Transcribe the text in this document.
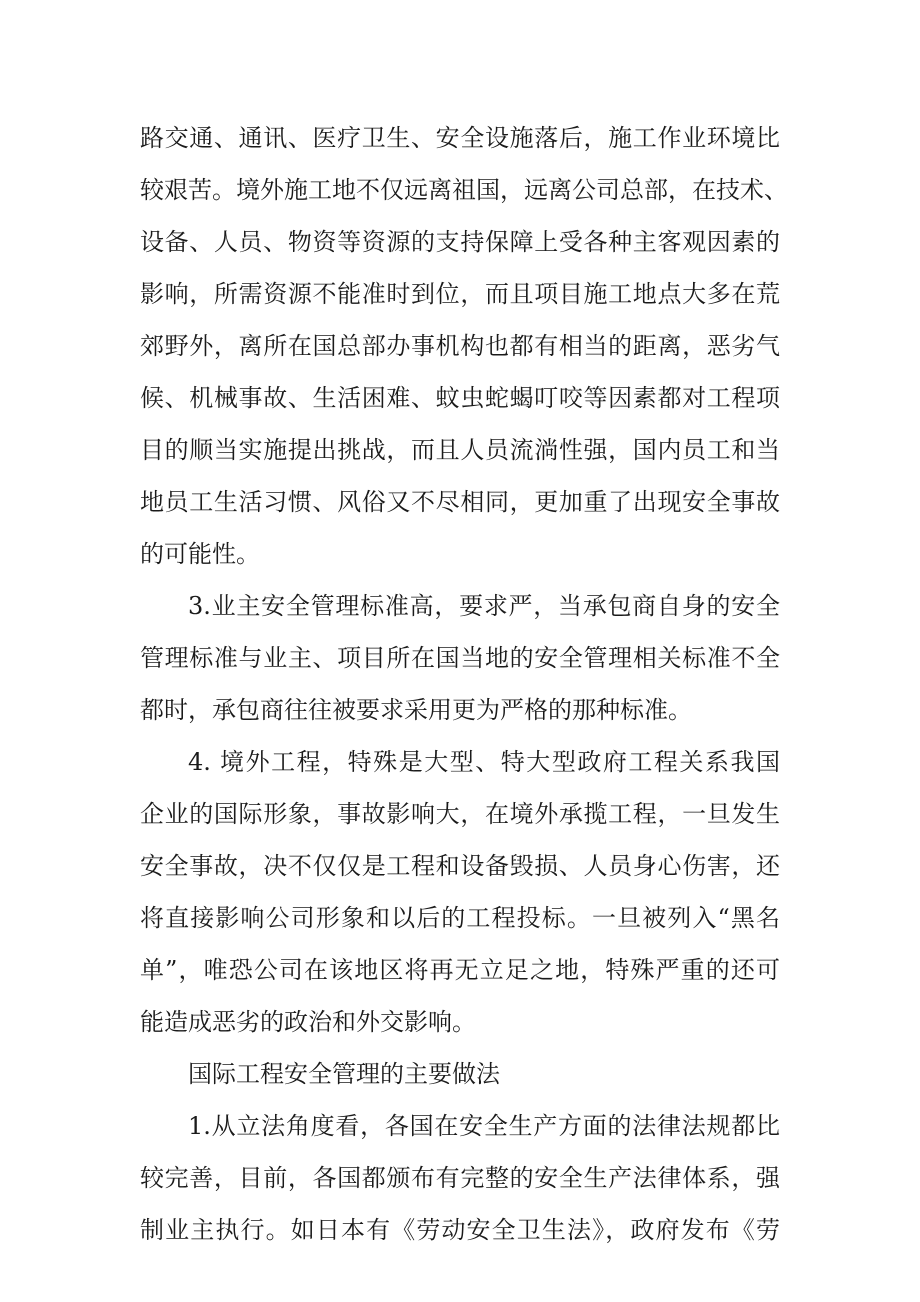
路交通、通讯、医疗卫生、安全设施落后，施工作业环境比
较艰苦。境外施工地不仅远离祖国，远离公司总部，在技术、
设备、人员、物资等资源的支持保障上受各种主客观因素的
影响，所需资源不能准时到位，而且项目施工地点大多在荒
郊野外，离所在国总部办事机构也都有相当的距离，恶劣气
候、机械事故、生活困难、蚊虫蛇蝎叮咬等因素都对工程项
目的顺当实施提出挑战，而且人员流淌性强，国内员工和当
地员工生活习惯、风俗又不尽相同，更加重了出现安全事故
的可能性。
3.业主安全管理标准高，要求严，当承包商自身的安全
管理标准与业主、项目所在国当地的安全管理相关标准不全
都时，承包商往往被要求采用更为严格的那种标准。
4. 境外工程，特殊是大型、特大型政府工程关系我国
企业的国际形象，事故影响大，在境外承揽工程，一旦发生
安全事故，决不仅仅是工程和设备毁损、人员身心伤害，还
将直接影响公司形象和以后的工程投标。一旦被列入“黑名
单”，唯恐公司在该地区将再无立足之地，特殊严重的还可
能造成恶劣的政治和外交影响。
国际工程安全管理的主要做法
1.从立法角度看，各国在安全生产方面的法律法规都比
较完善，目前，各国都颁布有完整的安全生产法律体系，强
制业主执行。如日本有《劳动安全卫生法》，政府发布《劳
